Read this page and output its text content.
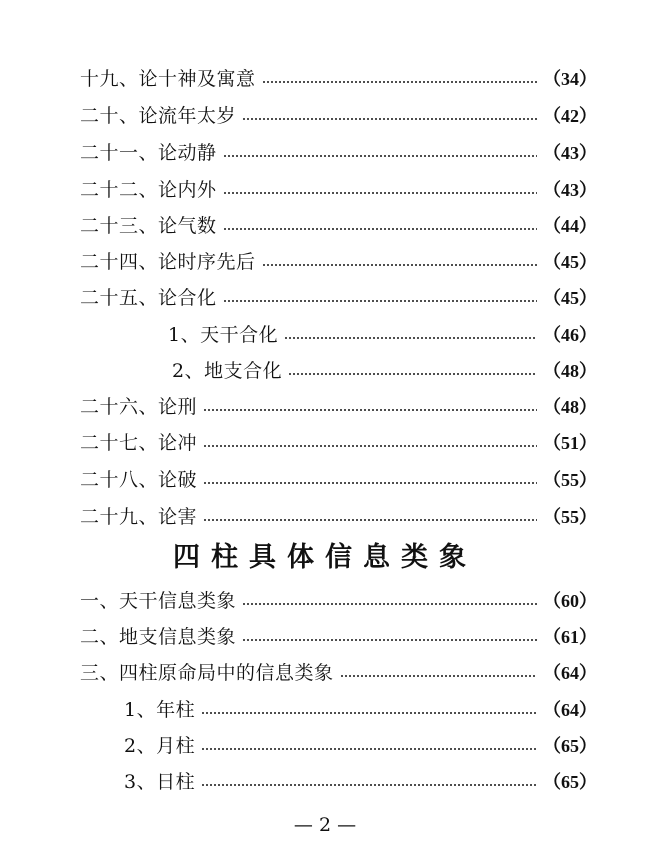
十九、论十神及寓意	（34）
二十、论流年太岁	（42）
二十一、论动静	（43）
二十二、论内外	（43）
二十三、论气数	（44）
二十四、论时序先后	（45）
二十五、论合化	（45）
1、天干合化	（46）
2、地支合化	（48）
二十六、论刑	（48）
二十七、论冲	（51）
二十八、论破	（55）
二十九、论害	（55）
四柱具体信息类象
一、天干信息类象	（60）
二、地支信息类象	（61）
三、四柱原命局中的信息类象	（64）
1、年柱	（64）
2、月柱	（65）
3、日柱	（65）
— 2 —
